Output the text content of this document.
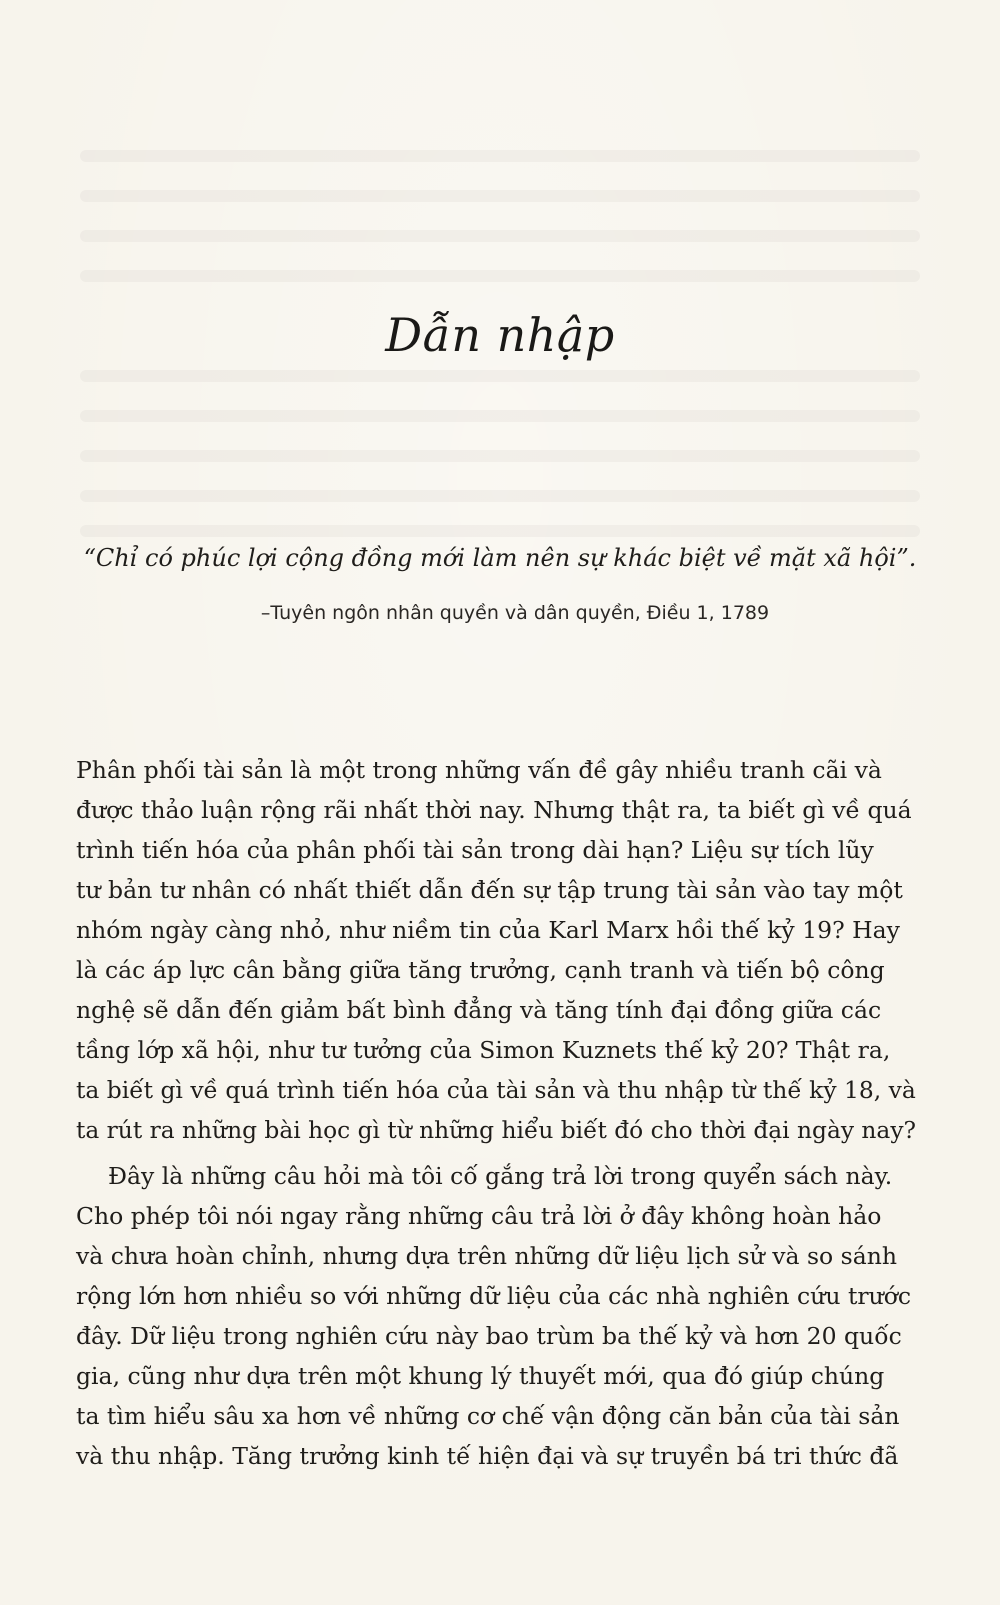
Dẫn nhập
“Chỉ có phúc lợi cộng đồng mới làm nên sự khác biệt về mặt xã hội”.
–Tuyên ngôn nhân quyền và dân quyền, Điều 1, 1789
Phân phối tài sản là một trong những vấn đề gây nhiều tranh cãi và
được thảo luận rộng rãi nhất thời nay. Nhưng thật ra, ta biết gì về quá
trình tiến hóa của phân phối tài sản trong dài hạn? Liệu sự tích lũy
tư bản tư nhân có nhất thiết dẫn đến sự tập trung tài sản vào tay một
nhóm ngày càng nhỏ, như niềm tin của Karl Marx hồi thế kỷ 19? Hay
là các áp lực cân bằng giữa tăng trưởng, cạnh tranh và tiến bộ công
nghệ sẽ dẫn đến giảm bất bình đẳng và tăng tính đại đồng giữa các
tầng lớp xã hội, như tư tưởng của Simon Kuznets thế kỷ 20? Thật ra,
ta biết gì về quá trình tiến hóa của tài sản và thu nhập từ thế kỷ 18, và
ta rút ra những bài học gì từ những hiểu biết đó cho thời đại ngày nay?
Đây là những câu hỏi mà tôi cố gắng trả lời trong quyển sách này.
Cho phép tôi nói ngay rằng những câu trả lời ở đây không hoàn hảo
và chưa hoàn chỉnh, nhưng dựa trên những dữ liệu lịch sử và so sánh
rộng lớn hơn nhiều so với những dữ liệu của các nhà nghiên cứu trước
đây. Dữ liệu trong nghiên cứu này bao trùm ba thế kỷ và hơn 20 quốc
gia, cũng như dựa trên một khung lý thuyết mới, qua đó giúp chúng
ta tìm hiểu sâu xa hơn về những cơ chế vận động căn bản của tài sản
và thu nhập. Tăng trưởng kinh tế hiện đại và sự truyền bá tri thức đã
